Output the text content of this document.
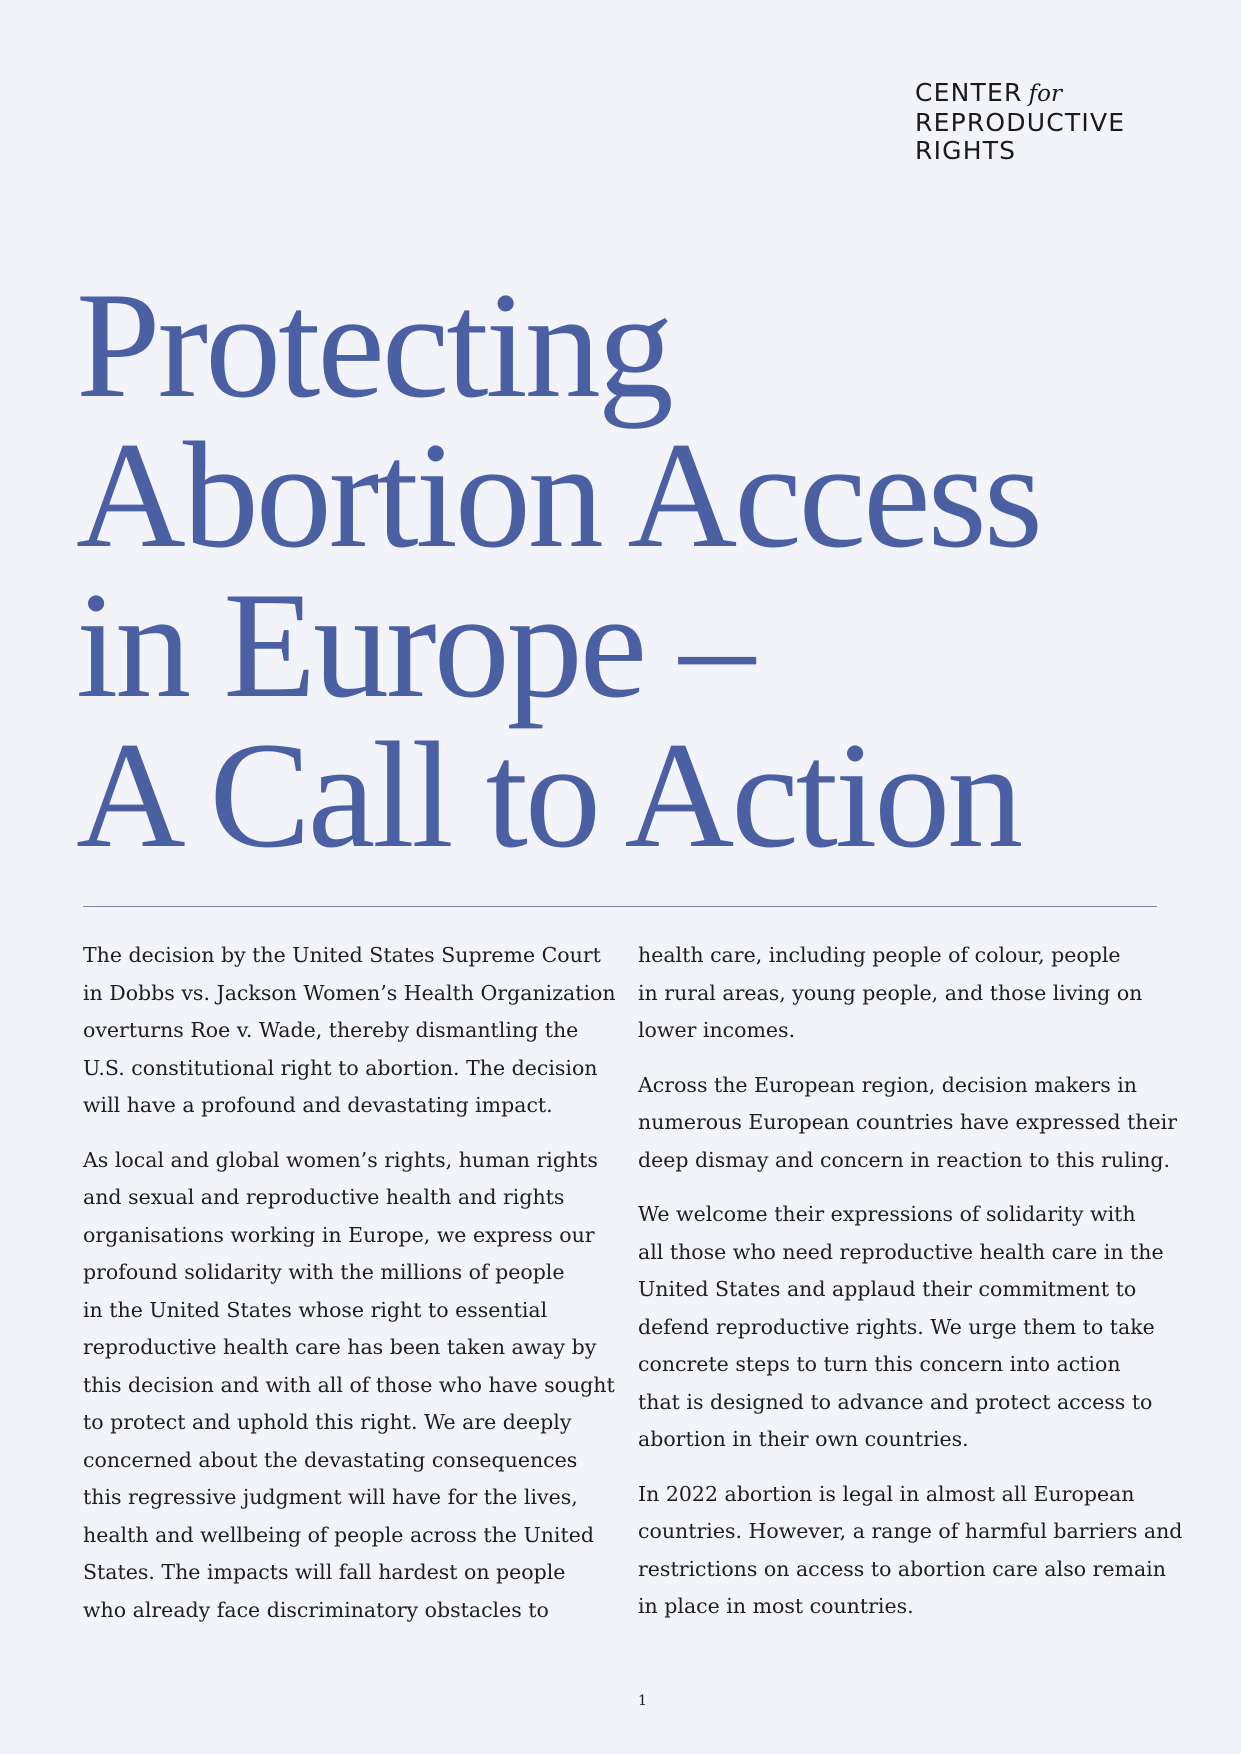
CENTER for
REPRODUCTIVE
RIGHTS
Protecting
Abortion Access
in Europe –
A Call to Action

The decision by the United States Supreme Court
in Dobbs vs. Jackson Women’s Health Organization
overturns Roe v. Wade, thereby dismantling the
U.S. constitutional right to abortion. The decision
will have a profound and devastating impact.

As local and global women’s rights, human rights
and sexual and reproductive health and rights
organisations working in Europe, we express our
profound solidarity with the millions of people
in the United States whose right to essential
reproductive health care has been taken away by
this decision and with all of those who have sought
to protect and uphold this right. We are deeply
concerned about the devastating consequences
this regressive judgment will have for the lives,
health and wellbeing of people across the United
States. The impacts will fall hardest on people
who already face discriminatory obstacles to

health care, including people of colour, people
in rural areas, young people, and those living on
lower incomes.

Across the European region, decision makers in
numerous European countries have expressed their
deep dismay and concern in reaction to this ruling.

We welcome their expressions of solidarity with
all those who need reproductive health care in the
United States and applaud their commitment to
defend reproductive rights. We urge them to take
concrete steps to turn this concern into action
that is designed to advance and protect access to
abortion in their own countries.

In 2022 abortion is legal in almost all European
countries. However, a range of harmful barriers and
restrictions on access to abortion care also remain
in place in most countries.

1
